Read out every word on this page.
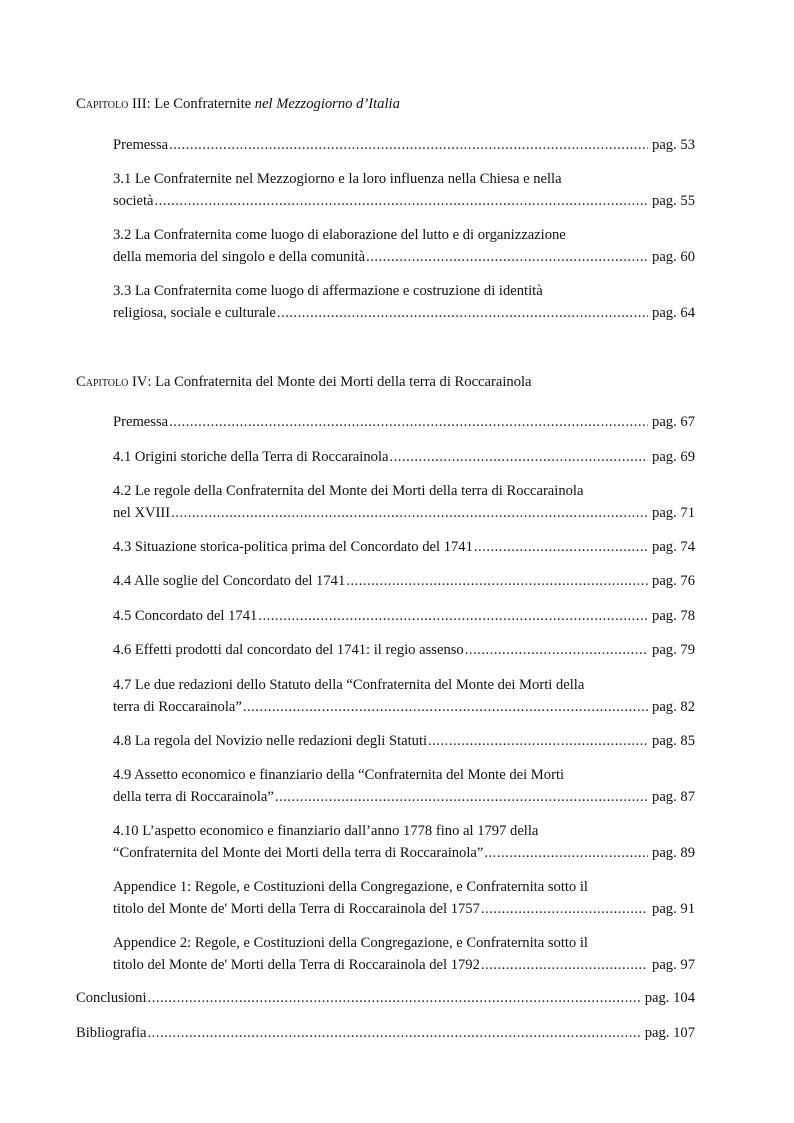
Capitolo III: Le Confraternite nel Mezzogiorno d’Italia
Premessa .....	pag. 53
3.1 Le Confraternite nel Mezzogiorno e la loro influenza nella Chiesa e nella
società .....	pag. 55
3.2 La Confraternita come luogo di elaborazione del lutto e di organizzazione
della memoria del singolo e della comunità .....	pag. 60
3.3 La Confraternita come luogo di affermazione e costruzione di identità
religiosa, sociale e culturale .....	pag. 64
Capitolo IV: La Confraternita del Monte dei Morti della terra di Roccarainola
Premessa .....	pag. 67
4.1 Origini storiche della Terra di Roccarainola .....	pag. 69
4.2 Le regole della Confraternita del Monte dei Morti della terra di Roccarainola
nel XVIII .....	pag. 71
4.3 Situazione storica-politica prima del Concordato del 1741 .....	pag. 74
4.4 Alle soglie del Concordato del 1741 .....	pag. 76
4.5 Concordato del 1741 .....	pag. 78
4.6 Effetti prodotti dal concordato del 1741: il regio assenso .....	pag. 79
4.7 Le due redazioni dello Statuto della “Confraternita del Monte dei Morti della
terra di Roccarainola” .....	pag. 82
4.8 La regola del Novizio nelle redazioni degli Statuti .....	pag. 85
4.9 Assetto economico e finanziario della “Confraternita del Monte dei Morti
della terra di Roccarainola” .....	pag. 87
4.10 L’aspetto economico e finanziario dall’anno 1778 fino al 1797 della
“Confraternita del Monte dei Morti della terra di Roccarainola” .....	pag. 89
Appendice 1: Regole, e Costituzioni della Congregazione, e Confraternita sotto il
titolo del Monte de' Morti della Terra di Roccarainola del 1757 .....	pag. 91
Appendice 2: Regole, e Costituzioni della Congregazione, e Confraternita sotto il
titolo del Monte de' Morti della Terra di Roccarainola del 1792 .....	pag. 97
Conclusioni .....	pag. 104
Bibliografia .....	pag. 107
